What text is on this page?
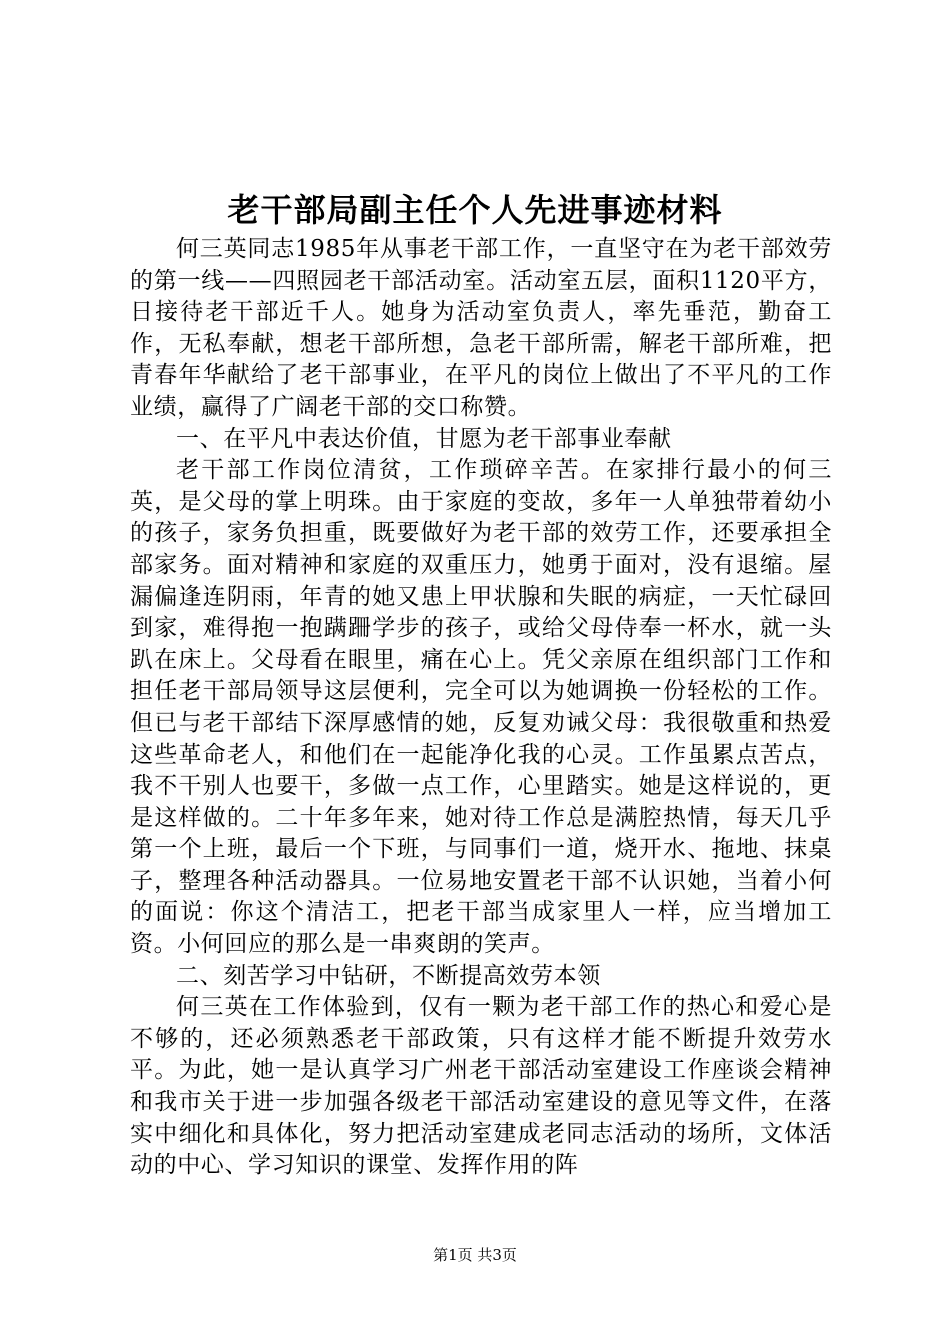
老干部局副主任个人先进事迹材料

何三英同志1985年从事老干部工作，一直坚守在为老干部效劳的第一线——四照园老干部活动室。活动室五层，面积1120平方，日接待老干部近千人。她身为活动室负责人，率先垂范，勤奋工作，无私奉献，想老干部所想，急老干部所需，解老干部所难，把青春年华献给了老干部事业，在平凡的岗位上做出了不平凡的工作业绩，赢得了广阔老干部的交口称赞。

一、在平凡中表达价值，甘愿为老干部事业奉献

老干部工作岗位清贫，工作琐碎辛苦。在家排行最小的何三英，是父母的掌上明珠。由于家庭的变故，多年一人单独带着幼小的孩子，家务负担重，既要做好为老干部的效劳工作，还要承担全部家务。面对精神和家庭的双重压力，她勇于面对，没有退缩。屋漏偏逢连阴雨，年青的她又患上甲状腺和失眠的病症，一天忙碌回到家，难得抱一抱蹒跚学步的孩子，或给父母侍奉一杯水，就一头趴在床上。父母看在眼里，痛在心上。凭父亲原在组织部门工作和担任老干部局领导这层便利，完全可以为她调换一份轻松的工作。但已与老干部结下深厚感情的她，反复劝诫父母：我很敬重和热爱这些革命老人，和他们在一起能净化我的心灵。工作虽累点苦点，我不干别人也要干，多做一点工作，心里踏实。她是这样说的，更是这样做的。二十年多年来，她对待工作总是满腔热情，每天几乎第一个上班，最后一个下班，与同事们一道，烧开水、拖地、抹桌子，整理各种活动器具。一位易地安置老干部不认识她，当着小何的面说：你这个清洁工，把老干部当成家里人一样，应当增加工资。小何回应的那么是一串爽朗的笑声。

二、刻苦学习中钻研，不断提高效劳本领

何三英在工作体验到，仅有一颗为老干部工作的热心和爱心是不够的，还必须熟悉老干部政策，只有这样才能不断提升效劳水平。为此，她一是认真学习广州老干部活动室建设工作座谈会精神和我市关于进一步加强各级老干部活动室建设的意见等文件，在落实中细化和具体化，努力把活动室建成老同志活动的场所，文体活动的中心、学习知识的课堂、发挥作用的阵

第1页 共3页
